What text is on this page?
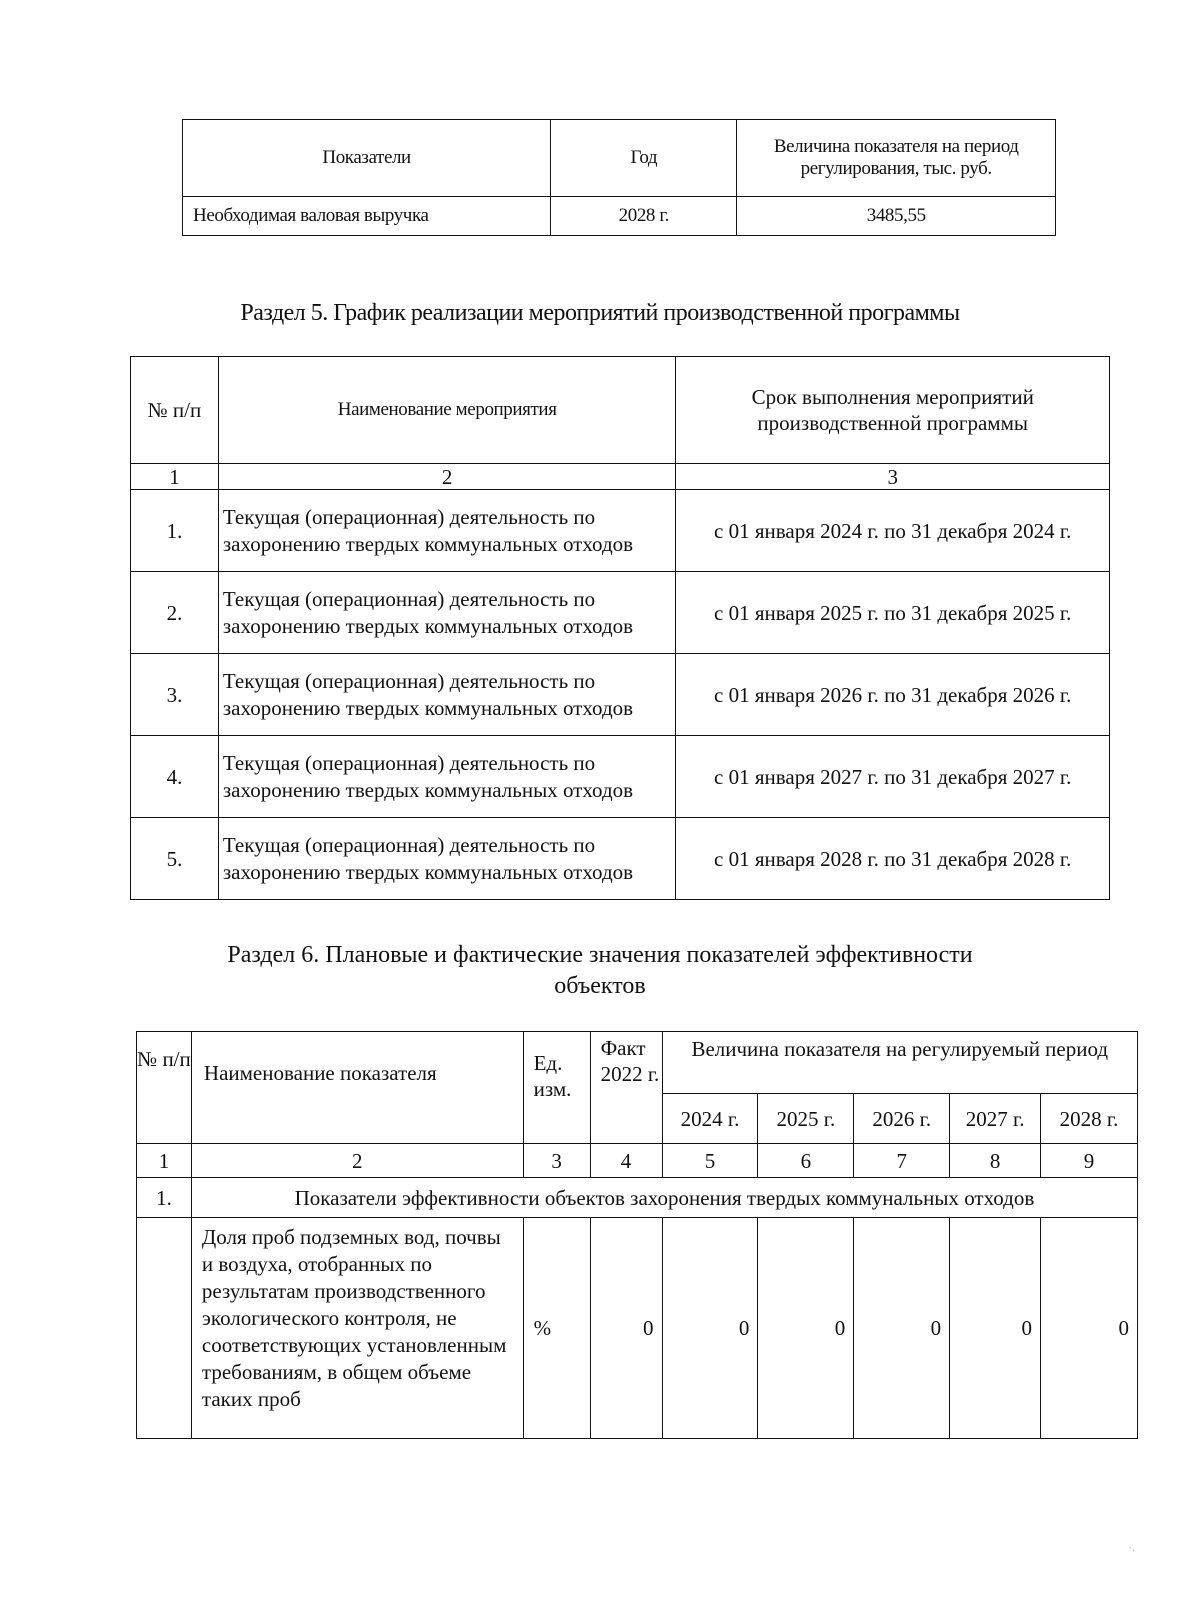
Показатели	Год	Величина показателя на период регулирования, тыс. руб.
Необходимая валовая выручка	2028 г.	3485,55
Раздел 5. График реализации мероприятий производственной программы
№ п/п	Наименование мероприятия	Срок выполнения мероприятий производственной программы
1	2	3
1.	Текущая (операционная) деятельность по захоронению твердых коммунальных отходов	с 01 января 2024 г. по 31 декабря 2024 г.
2.	Текущая (операционная) деятельность по захоронению твердых коммунальных отходов	с 01 января 2025 г. по 31 декабря 2025 г.
3.	Текущая (операционная) деятельность по захоронению твердых коммунальных отходов	с 01 января 2026 г. по 31 декабря 2026 г.
4.	Текущая (операционная) деятельность по захоронению твердых коммунальных отходов	с 01 января 2027 г. по 31 декабря 2027 г.
5.	Текущая (операционная) деятельность по захоронению твердых коммунальных отходов	с 01 января 2028 г. по 31 декабря 2028 г.
Раздел 6. Плановые и фактические значения показателей эффективности объектов
№ п/п	Наименование показателя	Ед. изм.	Факт 2022 г.	Величина показателя на регулируемый период				
				2024 г.	2025 г.	2026 г.	2027 г.	2028 г.
1	2	3	4	5	6	7	8	9
1.	Показатели эффективности объектов захоронения твердых коммунальных отходов							
	Доля проб подземных вод, почвы и воздуха, отобранных по результатам производственного экологического контроля, не соответствующих установленным требованиям, в общем объеме таких проб	%	0	0	0	0	0	0
·.
